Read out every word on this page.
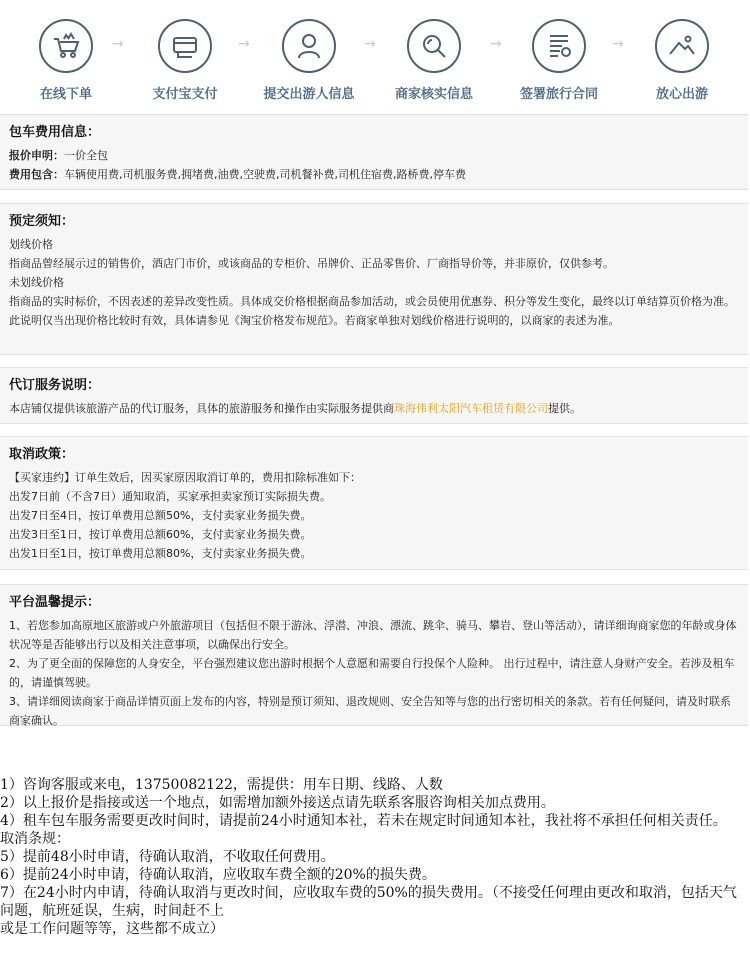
在线下单
→
支付宝支付
→
提交出游人信息
→
商家核实信息
→
签署旅行合同
→
放心出游
包车费用信息：
报价申明：一价全包
费用包含：车辆使用费,司机服务费,拥堵费,油费,空驶费,司机餐补费,司机住宿费,路桥费,停车费
预定须知：
划线价格
指商品曾经展示过的销售价，酒店门市价，或该商品的专柜价、吊牌价、正品零售价、厂商指导价等，并非原价，仅供参考。
未划线价格
指商品的实时标价，不因表述的差异改变性质。具体成交价格根据商品参加活动，或会员使用优惠券、积分等发生变化，最终以订单结算页价格为准。
此说明仅当出现价格比较时有效，具体请参见《淘宝价格发布规范》。若商家单独对划线价格进行说明的，以商家的表述为准。
代订服务说明：
本店铺仅提供该旅游产品的代订服务，具体的旅游服务和操作由实际服务提供商珠海伟利太阳汽车租赁有限公司提供。
取消政策：
【买家违约】订单生效后，因买家原因取消订单的，费用扣除标准如下：
出发7日前（不含7日）通知取消，买家承担卖家预订实际损失费。
出发7日至4日，按订单费用总额50%，支付卖家业务损失费。
出发3日至1日，按订单费用总额60%，支付卖家业务损失费。
出发1日至1日，按订单费用总额80%，支付卖家业务损失费。
平台温馨提示：
1、若您参加高原地区旅游或户外旅游项目（包括但不限于游泳、浮潜、冲浪、漂流、跳伞、骑马、攀岩、登山等活动），请详细询商家您的年龄或身体状况等是否能够出行以及相关注意事项，以确保出行安全。
2、为了更全面的保障您的人身安全，平台强烈建议您出游时根据个人意愿和需要自行投保个人险种。 出行过程中，请注意人身财产安全。若涉及租车的，请谨慎驾驶。
3、请详细阅读商家于商品详情页面上发布的内容，特别是预订须知、退改规则、安全告知等与您的出行密切相关的条款。若有任何疑问，请及时联系商家确认。
1）咨询客服或来电，13750082122，需提供：用车日期、线路、人数
2）以上报价是指接或送一个地点，如需增加额外接送点请先联系客服咨询相关加点费用。
4）租车包车服务需要更改时间时，请提前24小时通知本社，若未在规定时间通知本社，我社将不承担任何相关责任。
取消条规：
5）提前48小时申请，待确认取消，不收取任何费用。
6）提前24小时申请，待确认取消，应收取车费全额的20%的损失费。
7）在24小时内申请，待确认取消与更改时间，应收取车费的50%的损失费用。（不接受任何理由更改和取消，包括天气问题，航班延误，生病，时间赶不上
或是工作问题等等，这些都不成立）
